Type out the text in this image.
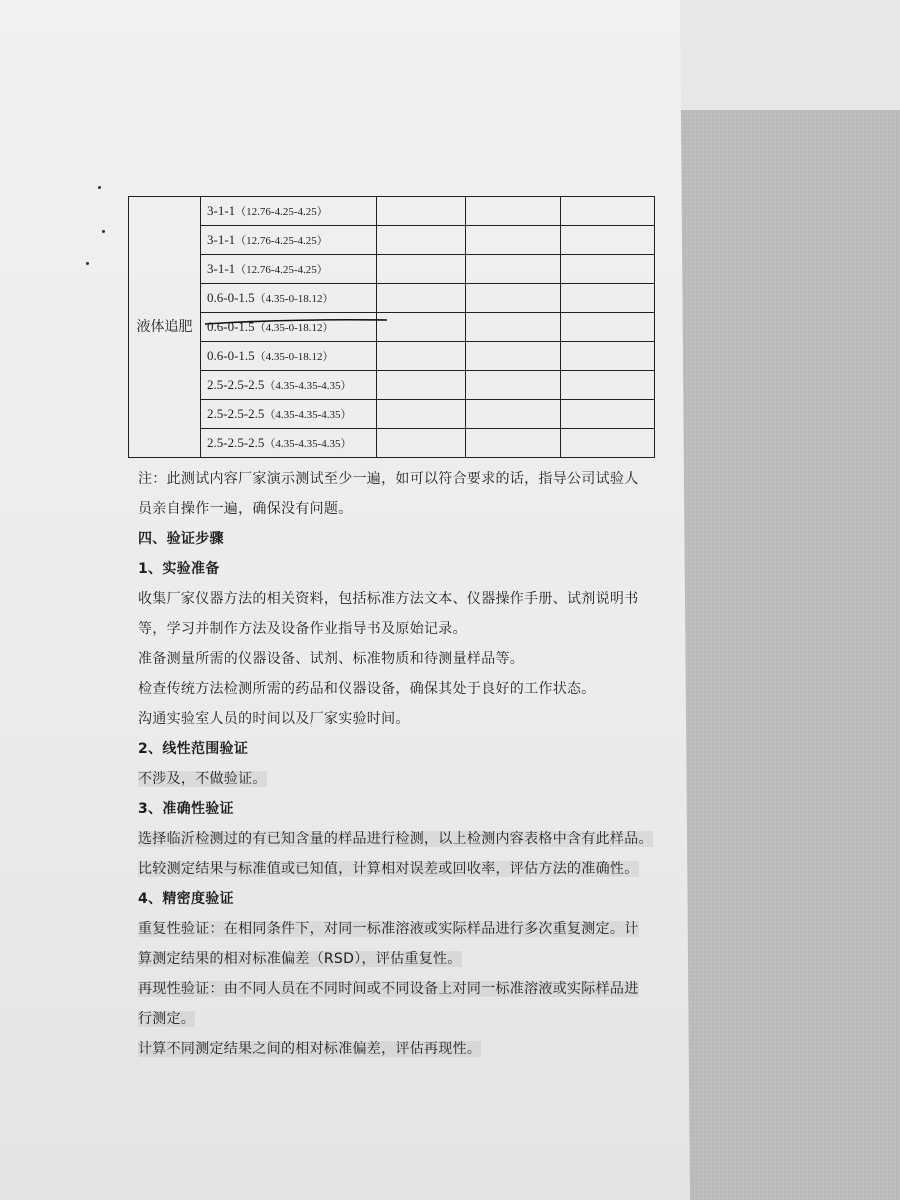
液体追肥	3-1-1（12.76-4.25-4.25）			
	3-1-1（12.76-4.25-4.25）			
	3-1-1（12.76-4.25-4.25）			
	0.6-0-1.5（4.35-0-18.12）			
	0.6-0-1.5（4.35-0-18.12）			
	0.6-0-1.5（4.35-0-18.12）			
	2.5-2.5-2.5（4.35-4.35-4.35）			
	2.5-2.5-2.5（4.35-4.35-4.35）			
	2.5-2.5-2.5（4.35-4.35-4.35）			
注：此测试内容厂家演示测试至少一遍，如可以符合要求的话，指导公司试验人
员亲自操作一遍，确保没有问题。
四、验证步骤
1、实验准备
收集厂家仪器方法的相关资料，包括标准方法文本、仪器操作手册、试剂说明书
等，学习并制作方法及设备作业指导书及原始记录。
准备测量所需的仪器设备、试剂、标准物质和待测量样品等。
检查传统方法检测所需的药品和仪器设备，确保其处于良好的工作状态。
沟通实验室人员的时间以及厂家实验时间。
2、线性范围验证
不涉及，不做验证。
3、准确性验证
选择临沂检测过的有已知含量的样品进行检测，以上检测内容表格中含有此样品。
比较测定结果与标准值或已知值，计算相对误差或回收率，评估方法的准确性。
4、精密度验证
重复性验证：在相同条件下，对同一标准溶液或实际样品进行多次重复测定。计
算测定结果的相对标准偏差（RSD），评估重复性。
再现性验证：由不同人员在不同时间或不同设备上对同一标准溶液或实际样品进
行测定。
计算不同测定结果之间的相对标准偏差，评估再现性。
